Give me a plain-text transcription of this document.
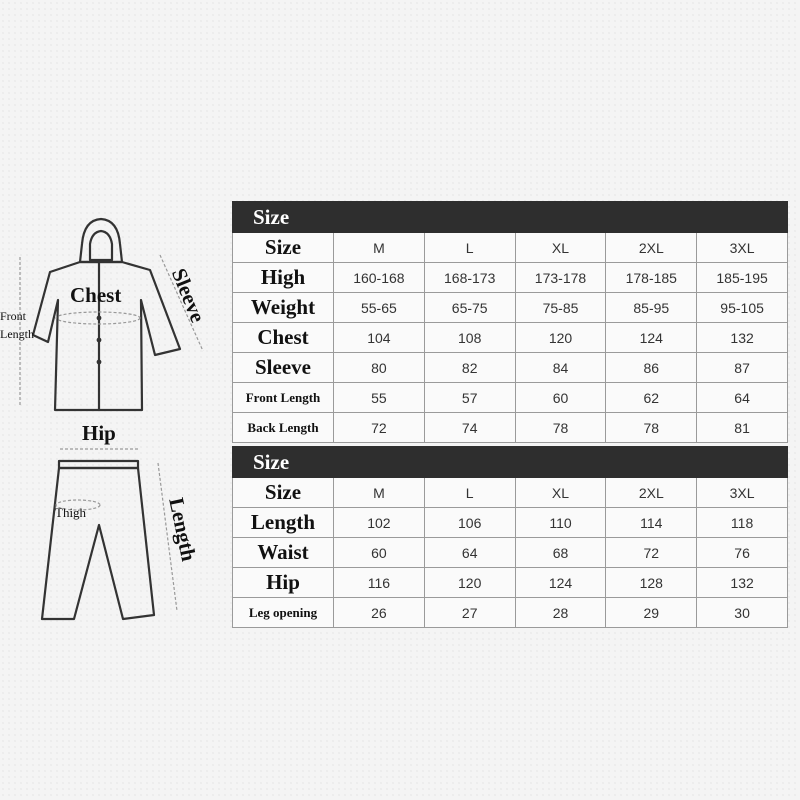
Chest Sleeve
Front
Length
Hip
Thigh	Length
Size					
Size	M	L	XL	2XL	3XL
High	160-168	168-173	173-178	178-185	185-195
Weight	55-65	65-75	75-85	85-95	95-105
Chest	104	108	120	124	132
Sleeve	80	82	84	86	87
Front Length	55	57	60	62	64
Back Length	72	74	78	78	81
Size					
Size	M	L	XL	2XL	3XL
Length	102	106	110	114	118
Waist	60	64	68	72	76
Hip	116	120	124	128	132
Leg opening	26	27	28	29	30
